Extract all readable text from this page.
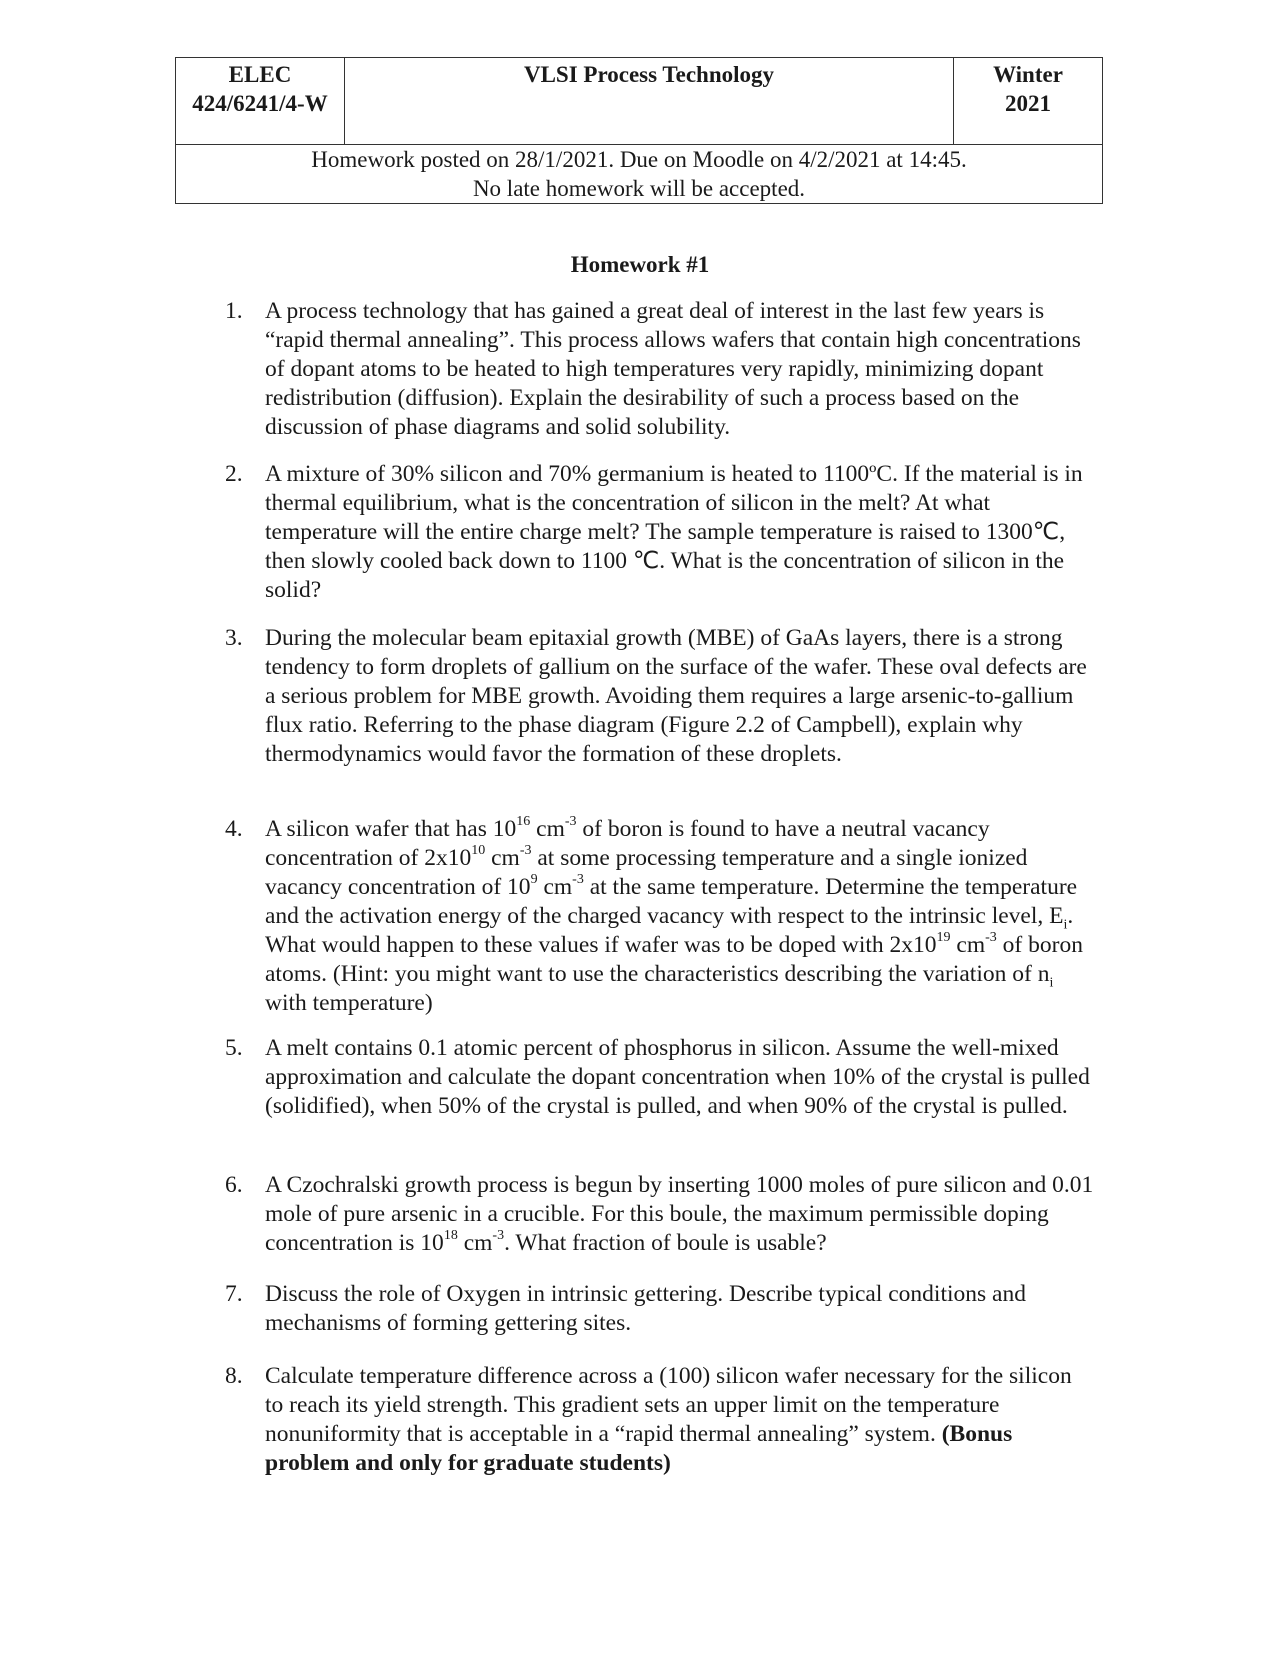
ELEC
424/6241/4-W
	VLSI Process Technology	Winter
2021

Homework posted on 28/1/2021. Due on Moodle on 4/2/2021 at 14:45.
No late homework will be accepted.
Homework #1
1. A process technology that has gained a great deal of interest in the last few years is “rapid thermal annealing”. This process allows wafers that contain high concentrations of dopant atoms to be heated to high temperatures very rapidly, minimizing dopant redistribution (diffusion). Explain the desirability of such a process based on the discussion of phase diagrams and solid solubility.
2. A mixture of 30% silicon and 70% germanium is heated to 1100ºC. If the material is in thermal equilibrium, what is the concentration of silicon in the melt? At what temperature will the entire charge melt? The sample temperature is raised to 1300℃, then slowly cooled back down to 1100 ℃. What is the concentration of silicon in the solid?
3. During the molecular beam epitaxial growth (MBE) of GaAs layers, there is a strong tendency to form droplets of gallium on the surface of the wafer. These oval defects are a serious problem for MBE growth. Avoiding them requires a large arsenic-to-gallium flux ratio. Referring to the phase diagram (Figure 2.2 of Campbell), explain why thermodynamics would favor the formation of these droplets.
4. A silicon wafer that has $10^{16}$ $cm^{-3}$ of boron is found to have a neutral vacancy concentration of $2x10^{10}$ $cm^{-3}$ at some processing temperature and a single ionized vacancy concentration of $10^9$ $cm^{-3}$ at the same temperature. Determine the temperature and the activation energy of the charged vacancy with respect to the intrinsic level, $E_i$. What would happen to these values if wafer was to be doped with $2x10^{19}$ $cm^{-3}$ of boron atoms. (Hint: you might want to use the characteristics describing the variation of $n_i$ with temperature)
5. A melt contains 0.1 atomic percent of phosphorus in silicon. Assume the well-mixed approximation and calculate the dopant concentration when 10% of the crystal is pulled (solidified), when 50% of the crystal is pulled, and when 90% of the crystal is pulled.
6. A Czochralski growth process is begun by inserting 1000 moles of pure silicon and 0.01 mole of pure arsenic in a crucible. For this boule, the maximum permissible doping concentration is $10^{18}$ $cm^{-3}$. What fraction of boule is usable?
7. Discuss the role of Oxygen in intrinsic gettering. Describe typical conditions and mechanisms of forming gettering sites.
8. Calculate temperature difference across a (100) silicon wafer necessary for the silicon to reach its yield strength. This gradient sets an upper limit on the temperature nonuniformity that is acceptable in a “rapid thermal annealing” system. (Bonus problem and only for graduate students)
